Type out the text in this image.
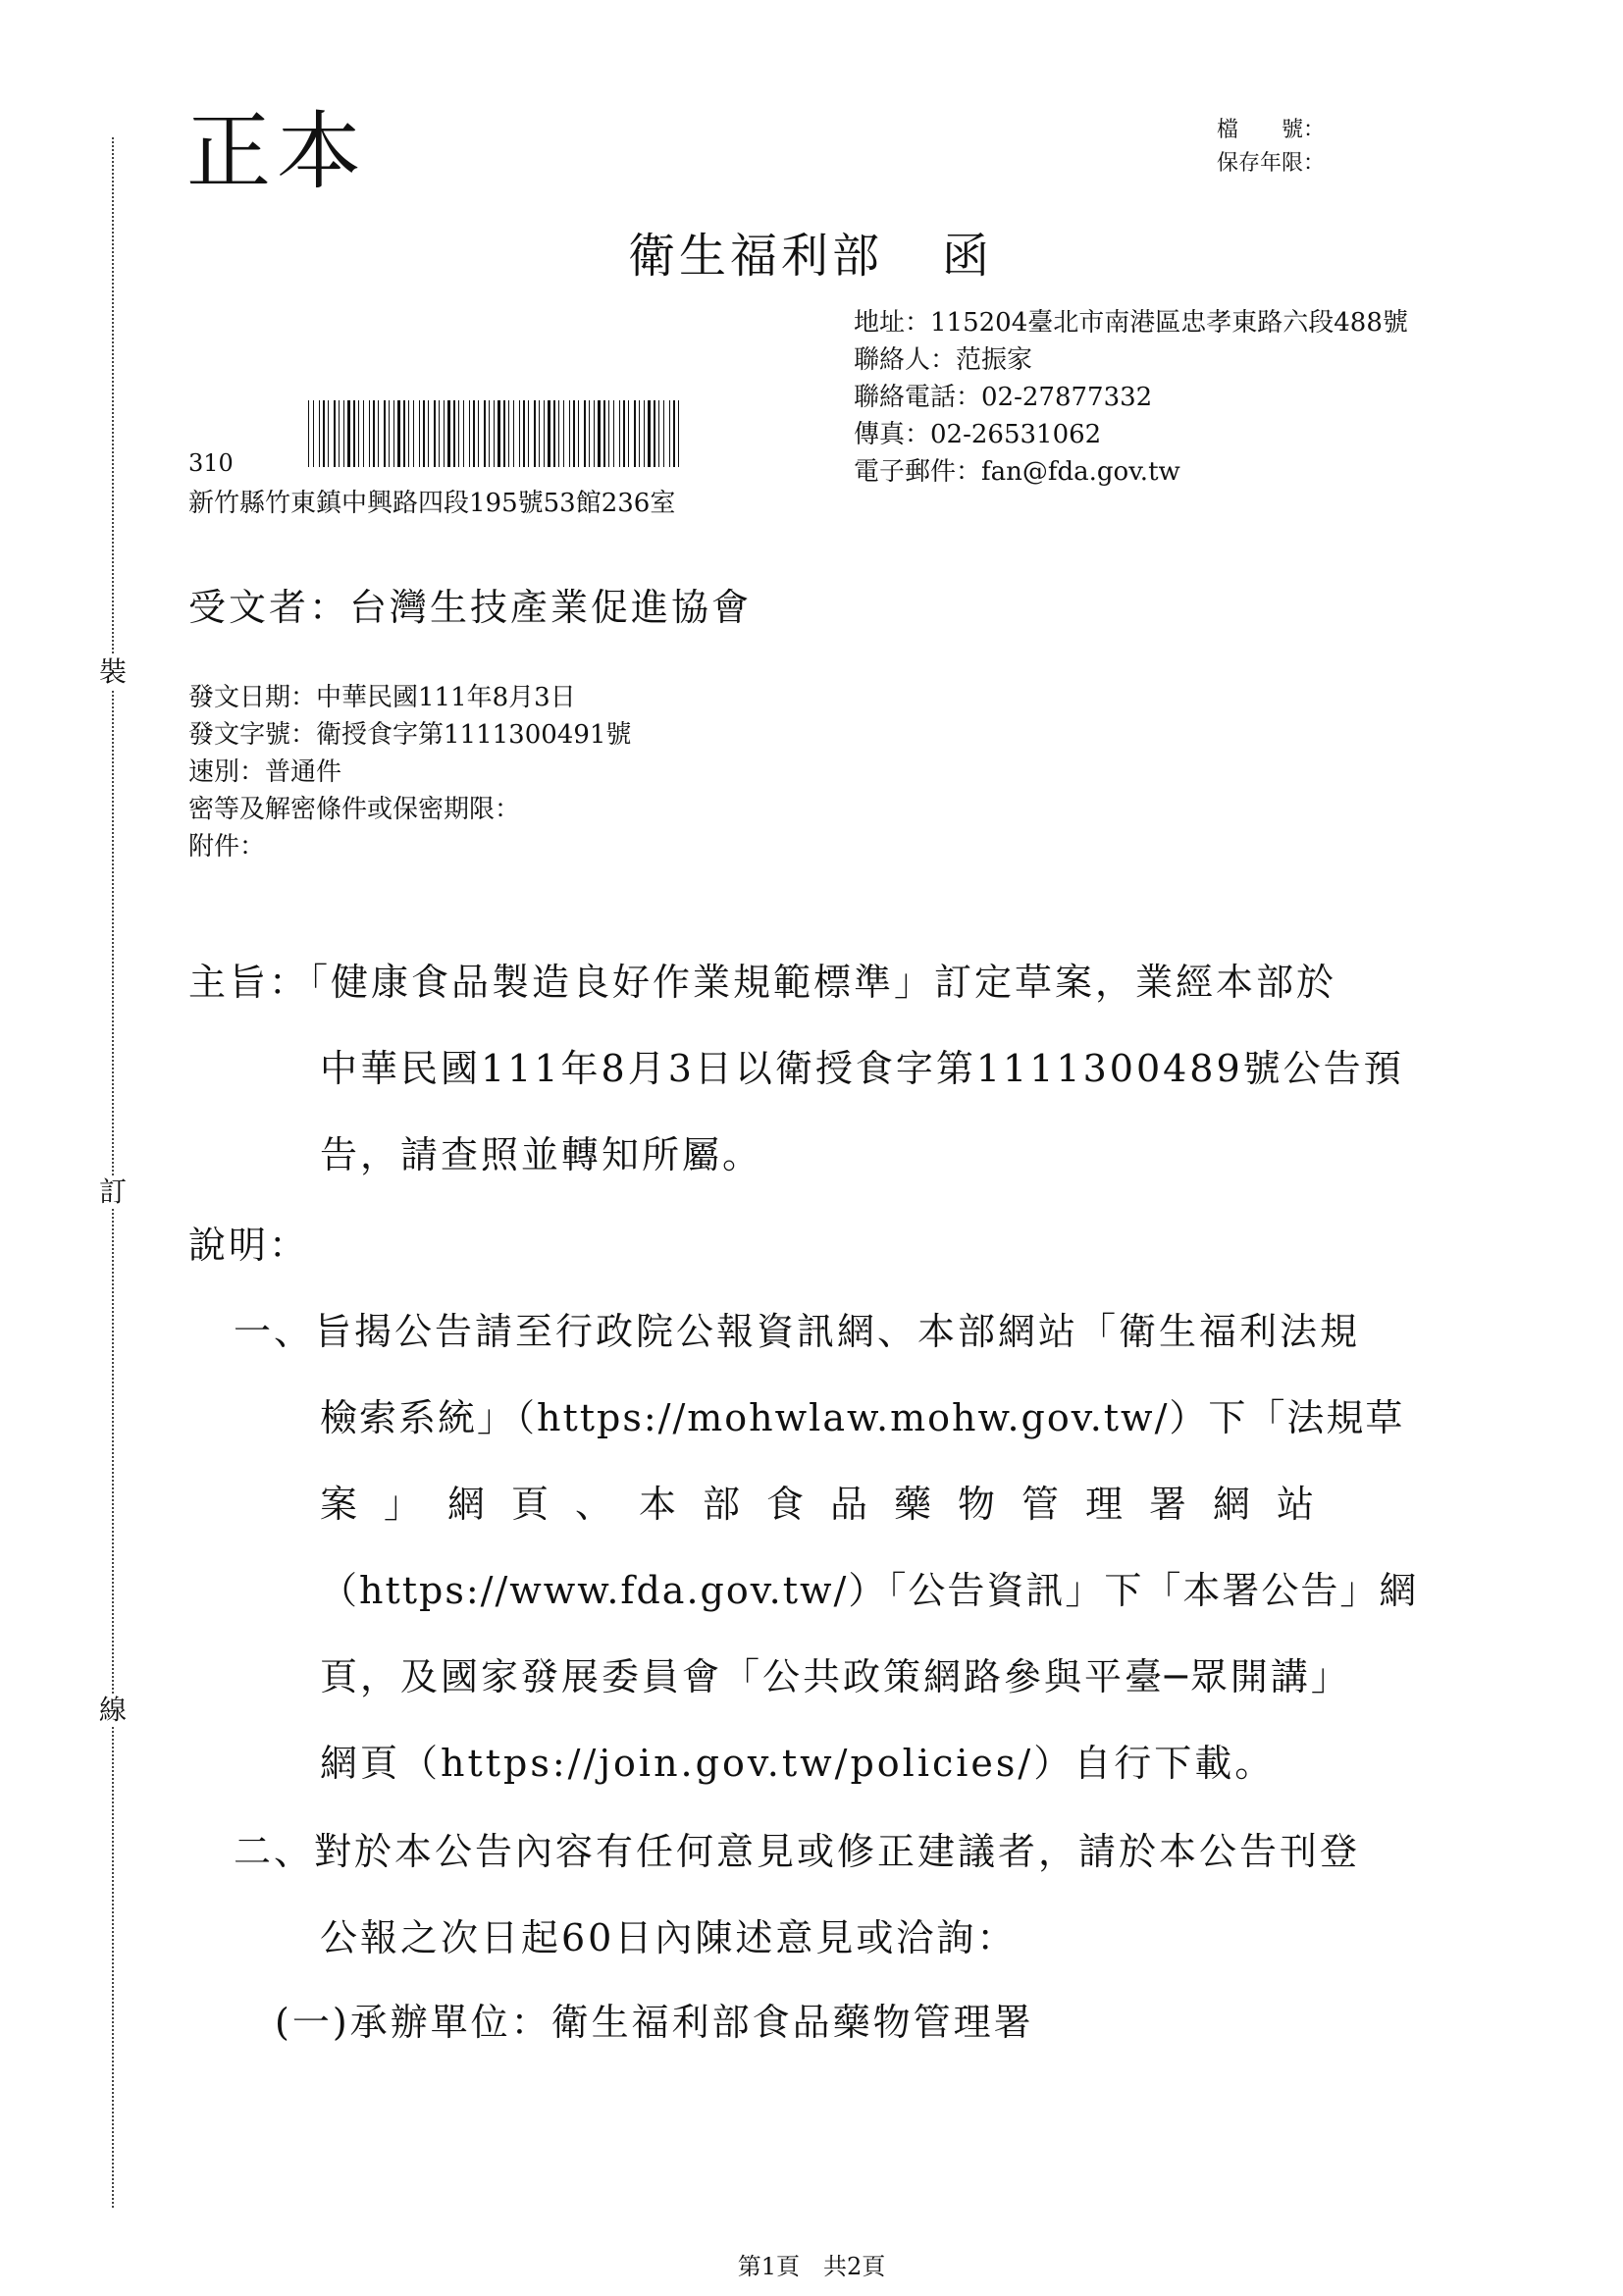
裝
訂
線
正本	檔　　號：
保存年限：
衛生福利部 函
地址：115204臺北市南港區忠孝東路六段488號
聯絡人：范振家
聯絡電話：02-27877332
傳真：02-26531062
電子郵件：fan@fda.gov.tw
310
新竹縣竹東鎮中興路四段195號53館236室
受文者：台灣生技產業促進協會
發文日期：中華民國111年8月3日
發文字號：衛授食字第1111300491號
速別：普通件
密等及解密條件或保密期限：
附件：
主旨：「健康食品製造良好作業規範標準」訂定草案，業經本部於
中華民國111年8月3日以衛授食字第1111300489號公告預
告，請查照並轉知所屬。
說明：
一、旨揭公告請至行政院公報資訊網、本部網站「衛生福利法規
檢索系統」（https://mohwlaw.mohw.gov.tw/）下「法規草
案」網頁、本部食品藥物管理署網站
（https://www.fda.gov.tw/）「公告資訊」下「本署公告」網
頁，及國家發展委員會「公共政策網路參與平臺─眾開講」
網頁（https://join.gov.tw/policies/）自行下載。
二、對於本公告內容有任何意見或修正建議者，請於本公告刊登
公報之次日起60日內陳述意見或洽詢：
(一)承辦單位：衛生福利部食品藥物管理署
第1頁　共2頁
